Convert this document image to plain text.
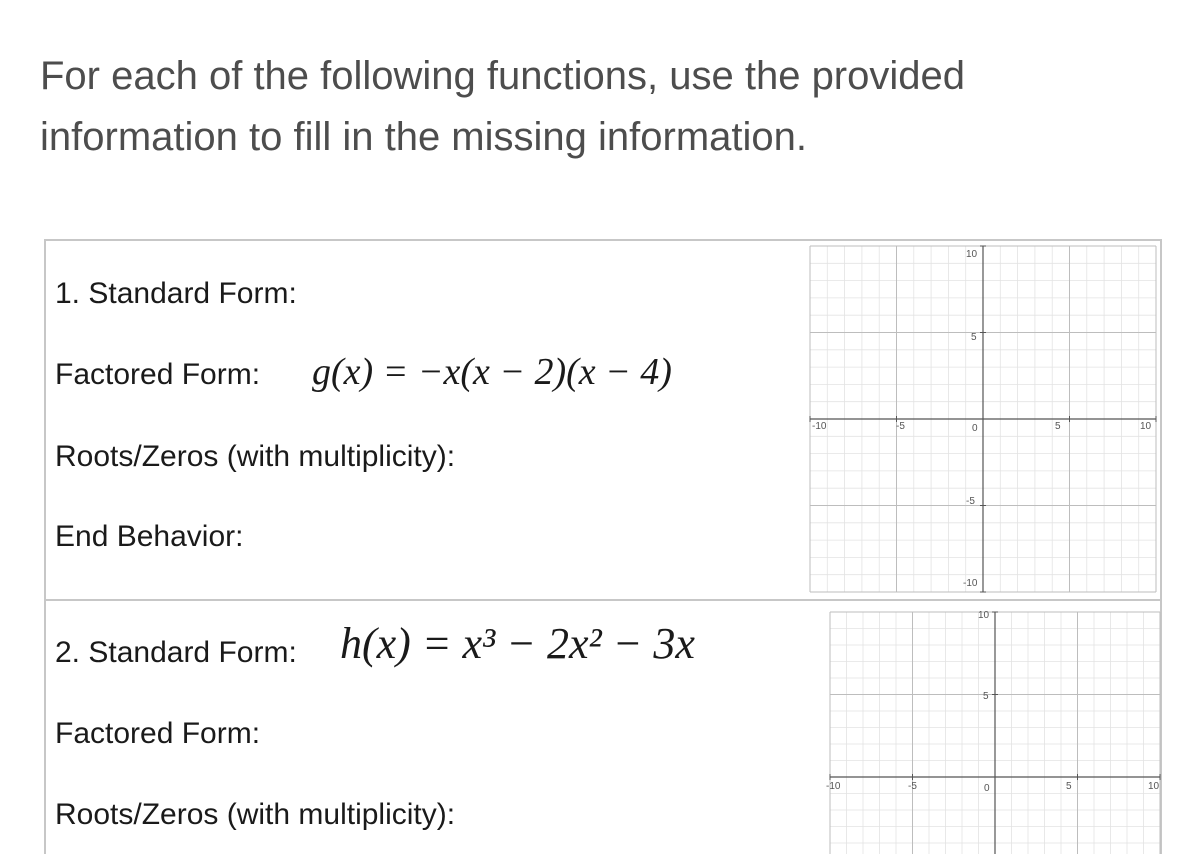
For each of the following functions, use the provided information to fill in the missing information.
1. Standard Form:
Factored Form: g(x) = −x(x − 2)(x − 4)
Roots/Zeros (with multiplicity):
End Behavior:
2. Standard Form: h(x) = x³ − 2x² − 3x
Factored Form:
Roots/Zeros (with multiplicity):
-10	-5	0	5	10
10
5
-5
-10
-10	-5	0	5	10
10
5
